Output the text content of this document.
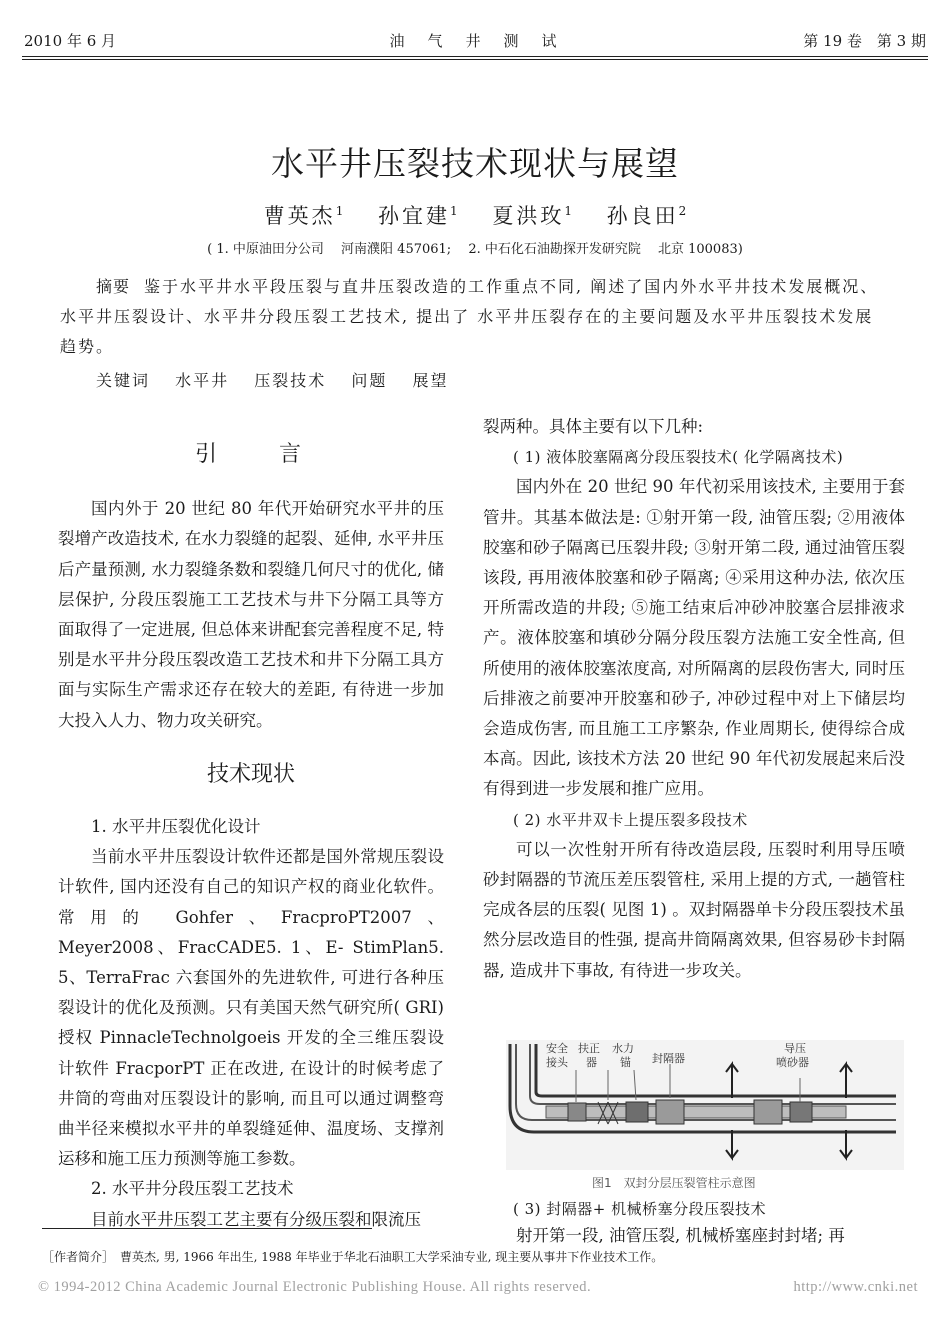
2010 年 6 月	油　气　井　测　试	第 19 卷　第 3 期
水平井压裂技术现状与展望
曹英杰$^1$ 孙宜建$^1$ 夏洪玫$^1$ 孙良田$^2$
( 1. 中原油田分公司　 河南濮阳 457061;　 2. 中石化石油勘探开发研究院　 北京 100083)
摘要 鉴于水平井水平段压裂与直井压裂改造的工作重点不同, 阐述了国内外水平井技术发展概况、水平井压裂设计、水平井分段压裂工艺技术, 提出了 水平井压裂存在的主要问题及水平井压裂技术发展趋势。
关键词 水平井 压裂技术 问题 展望

引　　言

国内外于 20 世纪 80 年代开始研究水平井的压裂增产改造技术, 在水力裂缝的起裂、延伸, 水平井压后产量预测, 水力裂缝条数和裂缝几何尺寸的优化, 储层保护, 分段压裂施工工艺技术与井下分隔工具等方面取得了一定进展, 但总体来讲配套完善程度不足, 特别是水平井分段压裂改造工艺技术和井下分隔工具方面与实际生产需求还存在较大的差距, 有待进一步加大投入人力、物力攻关研究。

技术现状

1. 水平井压裂优化设计

当前水平井压裂设计软件还都是国外常规压裂设计软件, 国内还没有自己的知识产权的商业化软件。常用的 Gohfer、FracproPT2007、Meyer2008、FracCADE5. 1、E- StimPlan5. 5、TerraFrac 六套国外的先进软件, 可进行各种压裂设计的优化及预测。只有美国天然气研究所( GRI) 授权 PinnacleTechnolgoeis 开发的全三维压裂设计软件 FracporPT 正在改进, 在设计的时候考虑了井筒的弯曲对压裂设计的影响, 而且可以通过调整弯曲半径来模拟水平井的单裂缝延伸、温度场、支撑剂运移和施工压力预测等施工参数。

2. 水平井分段压裂工艺技术

目前水平井压裂工艺主要有分级压裂和限流压

裂两种。具体主要有以下几种:

( 1) 液体胶塞隔离分段压裂技术( 化学隔离技术)

国内外在 20 世纪 90 年代初采用该技术, 主要用于套管井。其基本做法是: ①射开第一段, 油管压裂; ②用液体胶塞和砂子隔离已压裂井段; ③射开第二段, 通过油管压裂该段, 再用液体胶塞和砂子隔离; ④采用这种办法, 依次压开所需改造的井段; ⑤施工结束后冲砂冲胶塞合层排液求产。液体胶塞和填砂分隔分段压裂方法施工安全性高, 但所使用的液体胶塞浓度高, 对所隔离的层段伤害大, 同时压后排液之前要冲开胶塞和砂子, 冲砂过程中对上下储层均会造成伤害, 而且施工工序繁杂, 作业周期长, 使得综合成本高。因此, 该技术方法 20 世纪 90 年代初发展起来后没有得到进一步发展和推广应用。

( 2) 水平井双卡上提压裂多段技术

可以一次性射开所有待改造层段, 压裂时利用导压喷砂封隔器的节流压差压裂管柱, 采用上提的方式, 一趟管柱完成各层的压裂( 见图 1) 。双封隔器单卡分段压裂技术虽然分层改造目的性强, 提高井筒隔离效果, 但容易砂卡封隔器, 造成井下事故, 有待进一步攻关。

安全
接头
扶正
器
水力
锚 封隔器
导压
喷砂器
图1　双封分层压裂管柱示意图

( 3) 封隔器+ 机械桥塞分段压裂技术

射开第一段, 油管压裂, 机械桥塞座封封堵; 再

［作者简介］　曹英杰, 男, 1966 年出生, 1988 年毕业于华北石油职工大学采油专业, 现主要从事井下作业技术工作。
© 1994-2012 China Academic Journal Electronic Publishing House. All rights reserved.	http://www.cnki.net
